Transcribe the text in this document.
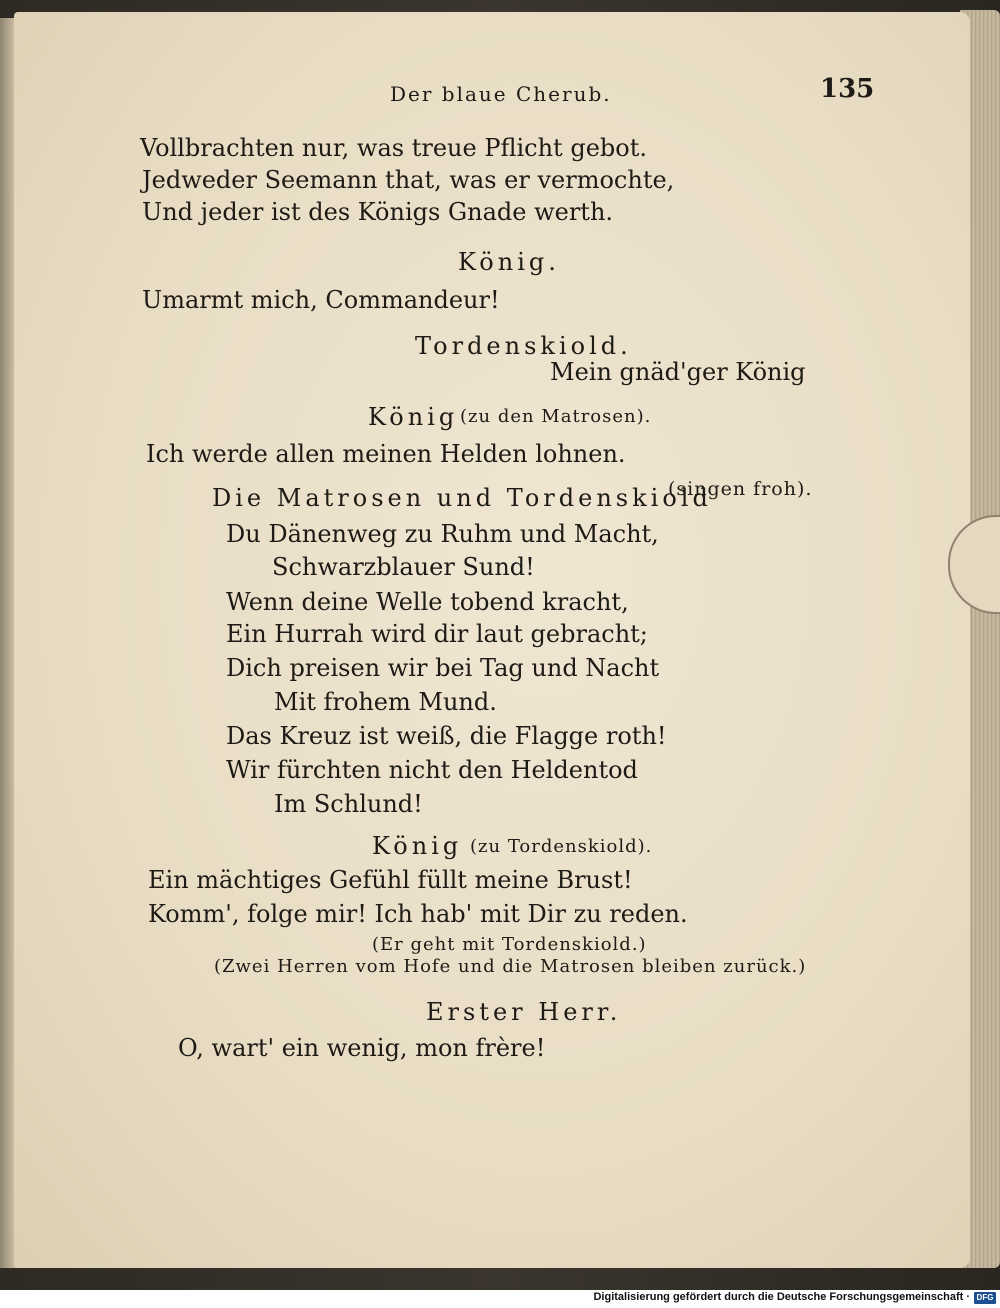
Der blaue Cherub.	135
Vollbrachten nur, was treue Pflicht gebot.
Jedweder Seemann that, was er vermochte,
Und jeder ist des Königs Gnade werth.
König.
Umarmt mich, Commandeur!
Tordenskiold.
Mein gnäd'ger König
König (zu den Matrosen).
Ich werde allen meinen Helden lohnen.
Die Matrosen und Tordenskiold
(singen froh).
Du Dänenweg zu Ruhm und Macht,
Schwarzblauer Sund!
Wenn deine Welle tobend kracht,
Ein Hurrah wird dir laut gebracht;
Dich preisen wir bei Tag und Nacht
Mit frohem Mund.
Das Kreuz ist weiß, die Flagge roth!
Wir fürchten nicht den Heldentod
Im Schlund!
König (zu Tordenskiold).
Ein mächtiges Gefühl füllt meine Brust!
Komm', folge mir! Ich hab' mit Dir zu reden.
(Er geht mit Tordenskiold.)
(Zwei Herren vom Hofe und die Matrosen bleiben zurück.)
Erster Herr.
O, wart' ein wenig, mon frère!
Digitalisierung gefördert durch die Deutsche Forschungsgemeinschaft · DFG
